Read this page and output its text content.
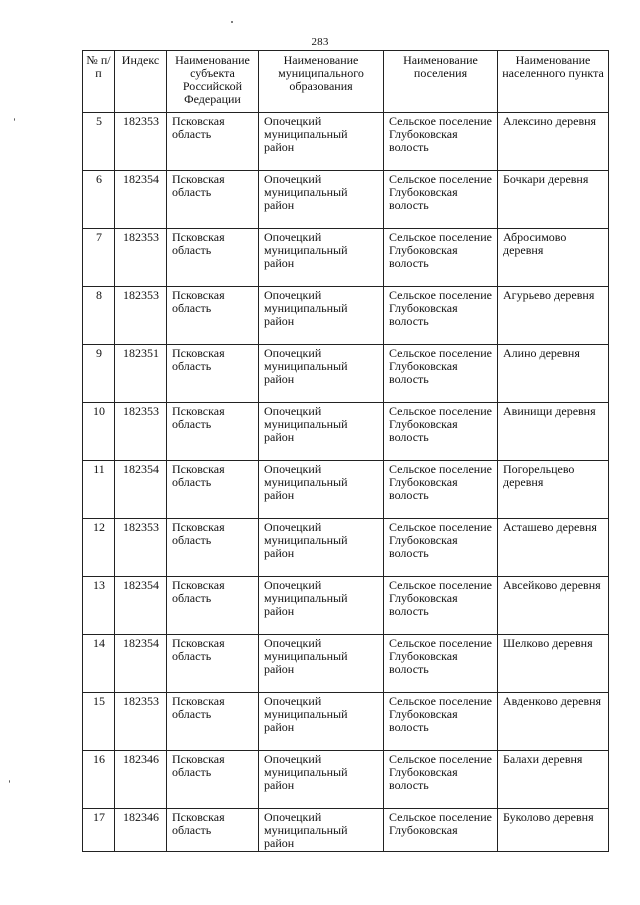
283
№ п/п	Индекс	Наименование субъекта Российской Федерации	Наименование муниципального образования	Наименование поселения	Наименование населенного пункта
5	182353	Псковская область	Опочецкий муниципальный район	Сельское поселение Глубоковская волость	Алексино деревня
6	182354	Псковская область	Опочецкий муниципальный район	Сельское поселение Глубоковская волость	Бочкари деревня
7	182353	Псковская область	Опочецкий муниципальный район	Сельское поселение Глубоковская волость	Абросимово деревня
8	182353	Псковская область	Опочецкий муниципальный район	Сельское поселение Глубоковская волость	Агурьево деревня
9	182351	Псковская область	Опочецкий муниципальный район	Сельское поселение Глубоковская волость	Алино деревня
10	182353	Псковская область	Опочецкий муниципальный район	Сельское поселение Глубоковская волость	Авинищи деревня
11	182354	Псковская область	Опочецкий муниципальный район	Сельское поселение Глубоковская волость	Погорельцево деревня
12	182353	Псковская область	Опочецкий муниципальный район	Сельское поселение Глубоковская волость	Асташево деревня
13	182354	Псковская область	Опочецкий муниципальный район	Сельское поселение Глубоковская волость	Авсейково деревня
14	182354	Псковская область	Опочецкий муниципальный район	Сельское поселение Глубоковская волость	Шелково деревня
15	182353	Псковская область	Опочецкий муниципальный район	Сельское поселение Глубоковская волость	Авденково деревня
16	182346	Псковская область	Опочецкий муниципальный район	Сельское поселение Глубоковская волость	Балахи деревня
17	182346	Псковская область	Опочецкий муниципальный район	Сельское поселение Глубоковская	Буколово деревня
